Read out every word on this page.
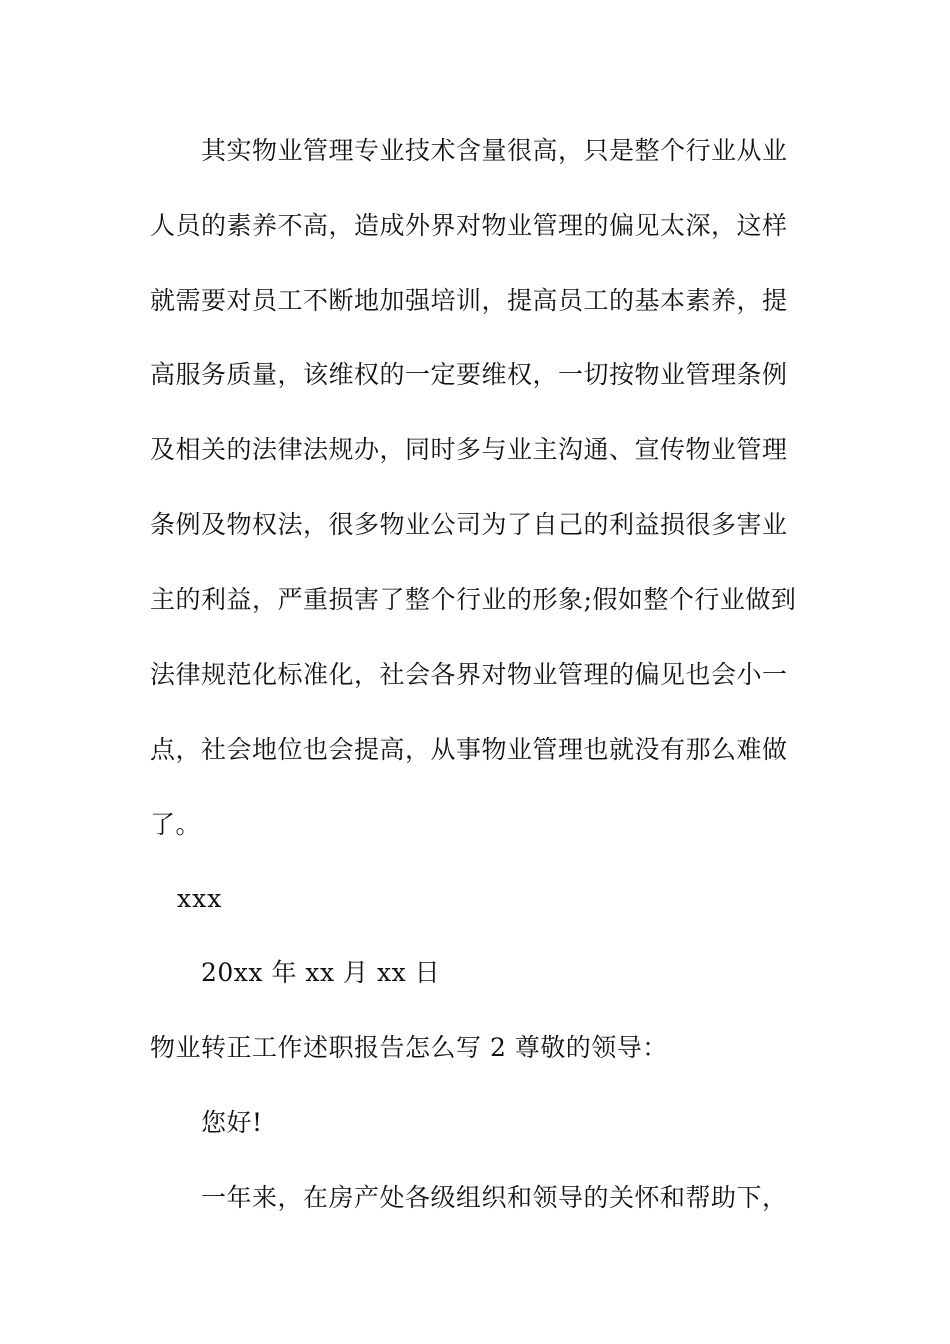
其实物业管理专业技术含量很高，只是整个行业从业
人员的素养不高，造成外界对物业管理的偏见太深，这样
就需要对员工不断地加强培训，提高员工的基本素养，提
高服务质量，该维权的一定要维权，一切按物业管理条例
及相关的法律法规办，同时多与业主沟通、宣传物业管理
条例及物权法，很多物业公司为了自己的利益损很多害业
主的利益，严重损害了整个行业的形象;假如整个行业做到
法律规范化标准化，社会各界对物业管理的偏见也会小一
点，社会地位也会提高，从事物业管理也就没有那么难做
了。
xxx
20xx 年 xx 月 xx 日
物业转正工作述职报告怎么写 2 尊敬的领导：
您好!
一年来，在房产处各级组织和领导的关怀和帮助下，
